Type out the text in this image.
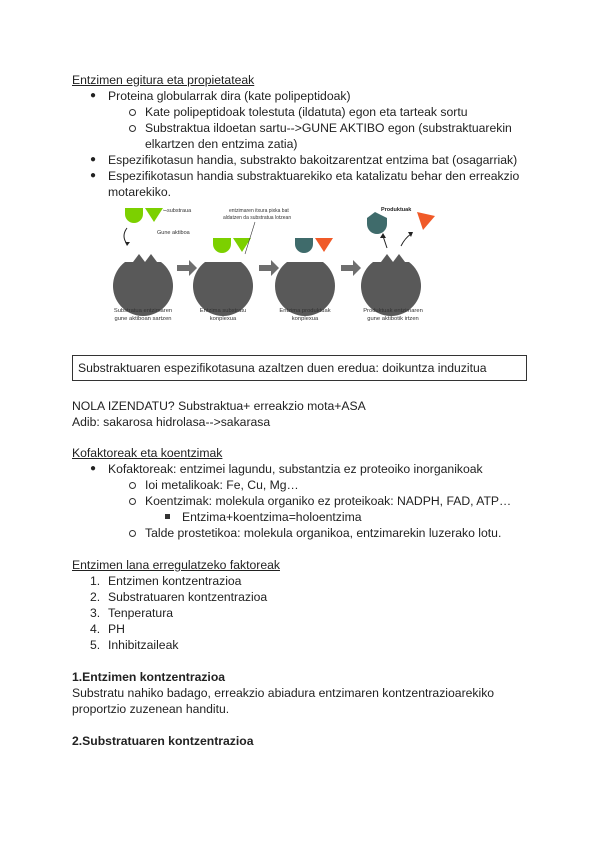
Entzimen egitura eta propietateak
● Proteina globularrak dira (kate polipeptidoak)
Kate polipeptidoak tolestuta (ildatuta) egon eta tarteak sortu
Substraktua ildoetan sartu-->GUNE AKTIBO egon (substraktuarekin
elkartzen den entzima zatia)
● Espezifikotasun handia, substrakto bakoitzarentzat entzima bat (osagarriak)
● Espezifikotasun handia substraktuarekiko eta katalizatu behar den erreakzio
motarekiko.
substraua
Gune aktiboa
entzimaren itxura pixka bat
aldatzen da substratua lotzean
Produktuak
Substratua entzimaren
gune aktiboan sartzen
Entzima substratu
konplexua
Entzima produktuak
konplexua
Produktuak entzimaren
gune aktibotik irtzen
Substraktuaren espezifikotasuna azaltzen duen eredua: doikuntza induzitua
NOLA IZENDATU? Substraktua+ erreakzio mota+ASA
Adib: sakarosa hidrolasa-->sakarasa
Kofaktoreak eta koentzimak
● Kofaktoreak: entzimei lagundu, substantzia ez proteoiko inorganikoak
Ioi metalikoak: Fe, Cu, Mg…
Koentzimak: molekula organiko ez proteikoak: NADPH, FAD, ATP…
Entzima+koentzima=holoentzima
Talde prostetikoa: molekula organikoa, entzimarekin luzerako lotu.
Entzimen lana erregulatzeko faktoreak
1. Entzimen kontzentrazioa
2. Substratuaren kontzentrazioa
3. Tenperatura
4. PH
5. Inhibitzaileak
1.Entzimen kontzentrazioa
Substratu nahiko badago, erreakzio abiadura entzimaren kontzentrazioarekiko
proportzio zuzenean handitu.
2.Substratuaren kontzentrazioa
